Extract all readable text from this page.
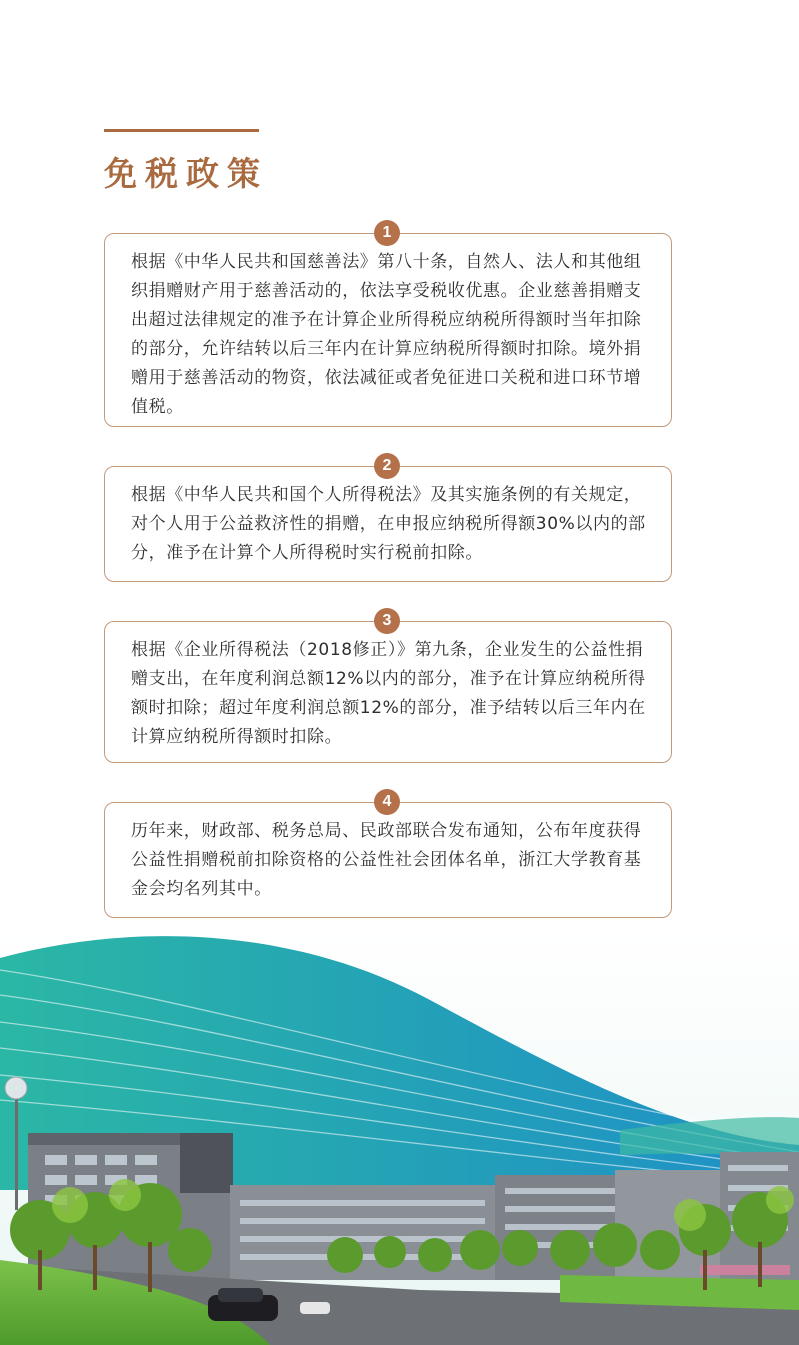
免税政策
根据《中华人民共和国慈善法》第八十条，自然人、法人和其他组织捐赠财产用于慈善活动的，依法享受税收优惠。企业慈善捐赠支出超过法律规定的准予在计算企业所得税应纳税所得额时当年扣除的部分，允许结转以后三年内在计算应纳税所得额时扣除。境外捐赠用于慈善活动的物资，依法减征或者免征进口关税和进口环节增值税。
1
根据《中华人民共和国个人所得税法》及其实施条例的有关规定，对个人用于公益救济性的捐赠，在申报应纳税所得额30%以内的部分，准予在计算个人所得税时实行税前扣除。
2
根据《企业所得税法（2018修正）》第九条，企业发生的公益性捐赠支出，在年度利润总额12%以内的部分，准予在计算应纳税所得额时扣除；超过年度利润总额12%的部分，准予结转以后三年内在计算应纳税所得额时扣除。
3
历年来，财政部、税务总局、民政部联合发布通知，公布年度获得公益性捐赠税前扣除资格的公益性社会团体名单，浙江大学教育基金会均名列其中。
4
